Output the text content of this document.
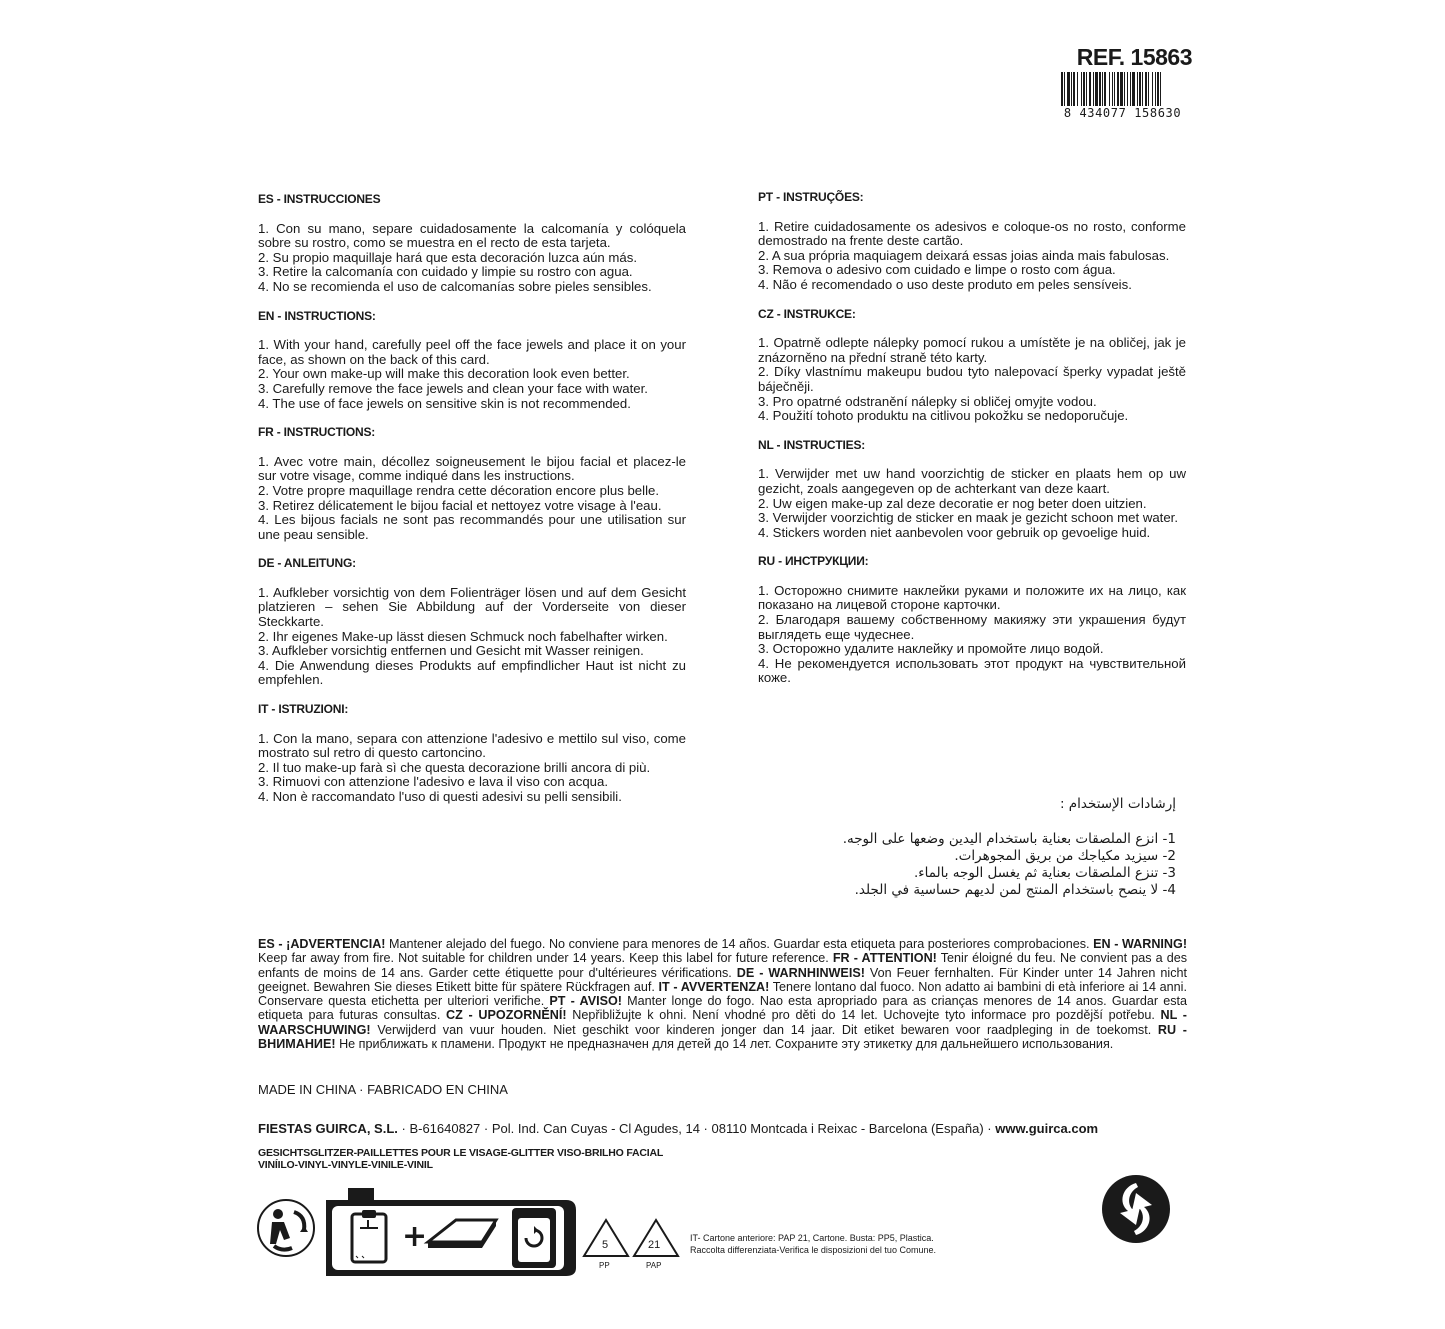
REF. 15863
8 434077 158630
ES - INSTRUCCIONES

1. Con su mano, separe cuidadosamente la calcomanía y colóquela sobre su rostro, como se muestra en el recto de esta tarjeta.

2. Su propio maquillaje hará que esta decoración luzca aún más.

3. Retire la calcomanía con cuidado y limpie su rostro con agua.

4. No se recomienda el uso de calcomanías sobre pieles sensibles.

EN - INSTRUCTIONS:

1. With your hand, carefully peel off the face jewels and place it on your face, as shown on the back of this card.

2. Your own make-up will make this decoration look even better.

3. Carefully remove the face jewels and clean your face with water.

4. The use of face jewels on sensitive skin is not recommended.

FR - INSTRUCTIONS:

1. Avec votre main, décollez soigneusement le bijou facial et placez-le sur votre visage, comme indiqué dans les instructions.

2. Votre propre maquillage rendra cette décoration encore plus belle.

3. Retirez délicatement le bijou facial et nettoyez votre visage à l'eau.

4. Les bijous facials ne sont pas recommandés pour une utilisation sur une peau sensible.

DE - ANLEITUNG:

1. Aufkleber vorsichtig von dem Folienträger lösen und auf dem Gesicht platzieren – sehen Sie Abbildung auf der Vorderseite von dieser Steckkarte.

2. Ihr eigenes Make-up lässt diesen Schmuck noch fabelhafter wirken.

3. Aufkleber vorsichtig entfernen und Gesicht mit Wasser reinigen.

4. Die Anwendung dieses Produkts auf empfindlicher Haut ist nicht zu empfehlen.

IT - ISTRUZIONI:

1. Con la mano, separa con attenzione l'adesivo e mettilo sul viso, come mostrato sul retro di questo cartoncino.

2. Il tuo make-up farà sì che questa decorazione brilli ancora di più.

3. Rimuovi con attenzione l'adesivo e lava il viso con acqua.

4. Non è raccomandato l'uso di questi adesivi su pelli sensibili.

PT - INSTRUÇÕES:

1. Retire cuidadosamente os adesivos e coloque-os no rosto, conforme demostrado na frente deste cartão.

2. A sua própria maquiagem deixará essas joias ainda mais fabulosas.

3. Remova o adesivo com cuidado e limpe o rosto com água.

4. Não é recomendado o uso deste produto em peles sensíveis.

CZ - INSTRUKCE:

1. Opatrně odlepte nálepky pomocí rukou a umístěte je na obličej, jak je znázorněno na přední straně této karty.

2. Díky vlastnímu makeupu budou tyto nalepovací šperky vypadat ještě báječněji.

3. Pro opatrné odstranění nálepky si obličej omyjte vodou.

4. Použití tohoto produktu na citlivou pokožku se nedoporučuje.

NL - INSTRUCTIES:

1. Verwijder met uw hand voorzichtig de sticker en plaats hem op uw gezicht, zoals aangegeven op de achterkant van deze kaart.

2. Uw eigen make-up zal deze decoratie er nog beter doen uitzien.

3. Verwijder voorzichtig de sticker en maak je gezicht schoon met water.

4. Stickers worden niet aanbevolen voor gebruik op gevoelige huid.

RU - ИНСТРУКЦИИ:

1. Осторожно снимите наклейки руками и положите их на лицо, как показано на лицевой стороне карточки.

2. Благодаря вашему собственному макияжу эти украшения будут выглядеть еще чудеснее.

3. Осторожно удалите наклейку и промойте лицо водой.

4. Не рекомендуется использовать этот продукт на чувствительной коже.

إرشادات الإستخدام :
1- انزع الملصقات بعناية باستخدام اليدين وضعها على الوجه.
2- سيزيد مكياجك من بريق المجوهرات.
3- تنزع الملصقات بعناية ثم يغسل الوجه بالماء.
4- لا ينصح باستخدام المنتج لمن لديهم حساسية في الجلد.
ES - ¡ADVERTENCIA! Mantener alejado del fuego. No conviene para menores de 14 años. Guardar esta etiqueta para posteriores comprobaciones. EN - WARNING! Keep far away from fire. Not suitable for children under 14 years. Keep this label for future reference. FR - ATTENTION! Tenir éloigné du feu. Ne convient pas a des enfants de moins de 14 ans. Garder cette étiquette pour d'ultérieures vérifications. DE - WARNHINWEIS! Von Feuer fernhalten. Für Kinder unter 14 Jahren nicht geeignet. Bewahren Sie dieses Etikett bitte für spätere Rückfragen auf. IT - AVVERTENZA! Tenere lontano dal fuoco. Non adatto ai bambini di età inferiore ai 14 anni. Conservare questa etichetta per ulteriori verifiche. PT - AVISO! Manter longe do fogo. Nao esta apropriado para as crianças menores de 14 anos. Guardar esta etiqueta para futuras consultas. CZ - UPOZORNĚNÍ! Nepřibližujte k ohni. Není vhodné pro děti do 14 let. Uchovejte tyto informace pro pozdější potřebu. NL - WAARSCHUWING! Verwijderd van vuur houden. Niet geschikt voor kinderen jonger dan 14 jaar. Dit etiket bewaren voor raadpleging in de toekomst. RU - ВНИМАНИЕ! Не приближать к пламени. Продукт не предназначен для детей до 14 лет. Сохраните эту этикетку для дальнейшего использования.
MADE IN CHINA · FABRICADO EN CHINA
FIESTAS GUIRCA, S.L. · B-61640827 · Pol. Ind. Can Cuyas - Cl Agudes, 14 · 08110 Montcada i Reixac - Barcelona (España) · www.guirca.com
GESICHTSGLITZER-PAILLETTES POUR LE VISAGE-GLITTER VISO-BRILHO FACIAL
VINÍILO-VINYL-VINYLE-VINILE-VINIL
FR
+	5
PP
21
PAP
IT- Cartone anteriore: PAP 21, Cartone. Busta: PP5, Plastica.
Raccolta differenziata-Verifica le disposizioni del tuo Comune.
